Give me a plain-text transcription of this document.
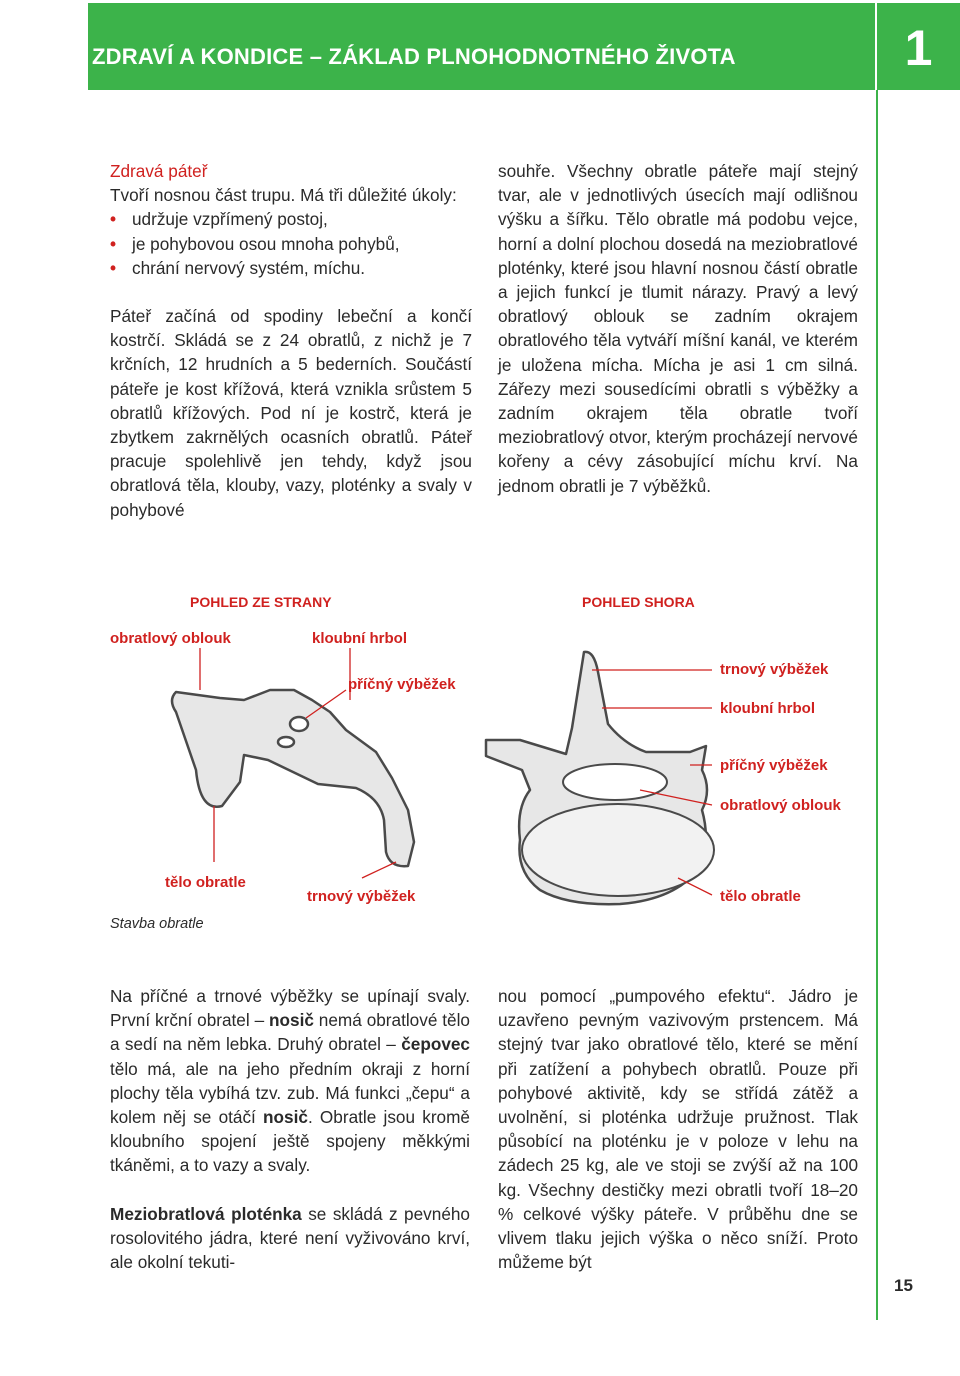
ZDRAVÍ A KONDICE – ZÁKLAD PLNOHODNOTNÉHO ŽIVOTA	1

Zdravá páteř

Tvoří nosnou část trupu. Má tři důležité úkoly:

• udržuje vzpřímený postoj,

• je pohybovou osou mnoha pohybů,

• chrání nervový systém, míchu.

Páteř začíná od spodiny lebeční a končí kostrčí. Skládá se z 24 obratlů, z nichž je 7 krčních, 12 hrudních a 5 bederních. Součástí páteře je kost křížová, která vznikla srůstem 5 obratlů křížových. Pod ní je kostrč, která je zbytkem zakrnělých ocasních obratlů. Páteř pracuje spolehlivě jen tehdy, když jsou obratlová těla, klouby, vazy, ploténky a svaly v pohybové

souhře. Všechny obratle páteře mají stejný tvar, ale v jednotlivých úsecích mají odlišnou výšku a šířku. Tělo obratle má podobu vejce, horní a dolní plochou dosedá na meziobratlové ploténky, které jsou hlavní nosnou částí obratle a jejich funkcí je tlumit nárazy. Pravý a levý obratlový oblouk se zadním okrajem obratlového těla vytváří míšní kanál, ve kterém je uložena mícha. Mícha je asi 1 cm silná. Zářezy mezi sousedícími obratli s výběžky a zadním okrajem těla obratle tvoří meziobratlový otvor, kterým procházejí nervové kořeny a cévy zásobující míchu krví. Na jednom obratli je 7 výběžků.

POHLED ZE STRANY	POHLED SHORA
obratlový oblouk	kloubní hrbol
příčný výběžek
tělo obratle
trnový výběžek
trnový výběžek
kloubní hrbol
příčný výběžek
obratlový oblouk
tělo obratle
Stavba obratle

Na příčné a trnové výběžky se upínají svaly. První krční obratel – nosič nemá obratlové tělo a sedí na něm lebka. Druhý obratel – čepovec tělo má, ale na jeho předním okraji z horní plochy těla vybíhá tzv. zub. Má funkci „čepu“ a kolem něj se otáčí nosič. Obratle jsou kromě kloubního spojení ještě spojeny měkkými tkáněmi, a to vazy a svaly.

Meziobratlová ploténka se skládá z pevného rosolovitého jádra, které není vyživováno krví, ale okolní tekuti-

nou pomocí „pumpového efektu“. Jádro je uzavřeno pevným vazivovým prstencem. Má stejný tvar jako obratlové tělo, které se mění při zatížení a pohybech obratlů. Pouze při pohybové aktivitě, kdy se střídá zátěž a uvolnění, si ploténka udržuje pružnost. Tlak působící na ploténku je v poloze v lehu na zádech 25 kg, ale ve stoji se zvýší až na 100 kg. Všechny destičky mezi obratli tvoří 18–20 % celkové výšky páteře. V průběhu dne se vlivem tlaku jejich výška o něco sníží. Proto můžeme být

15
